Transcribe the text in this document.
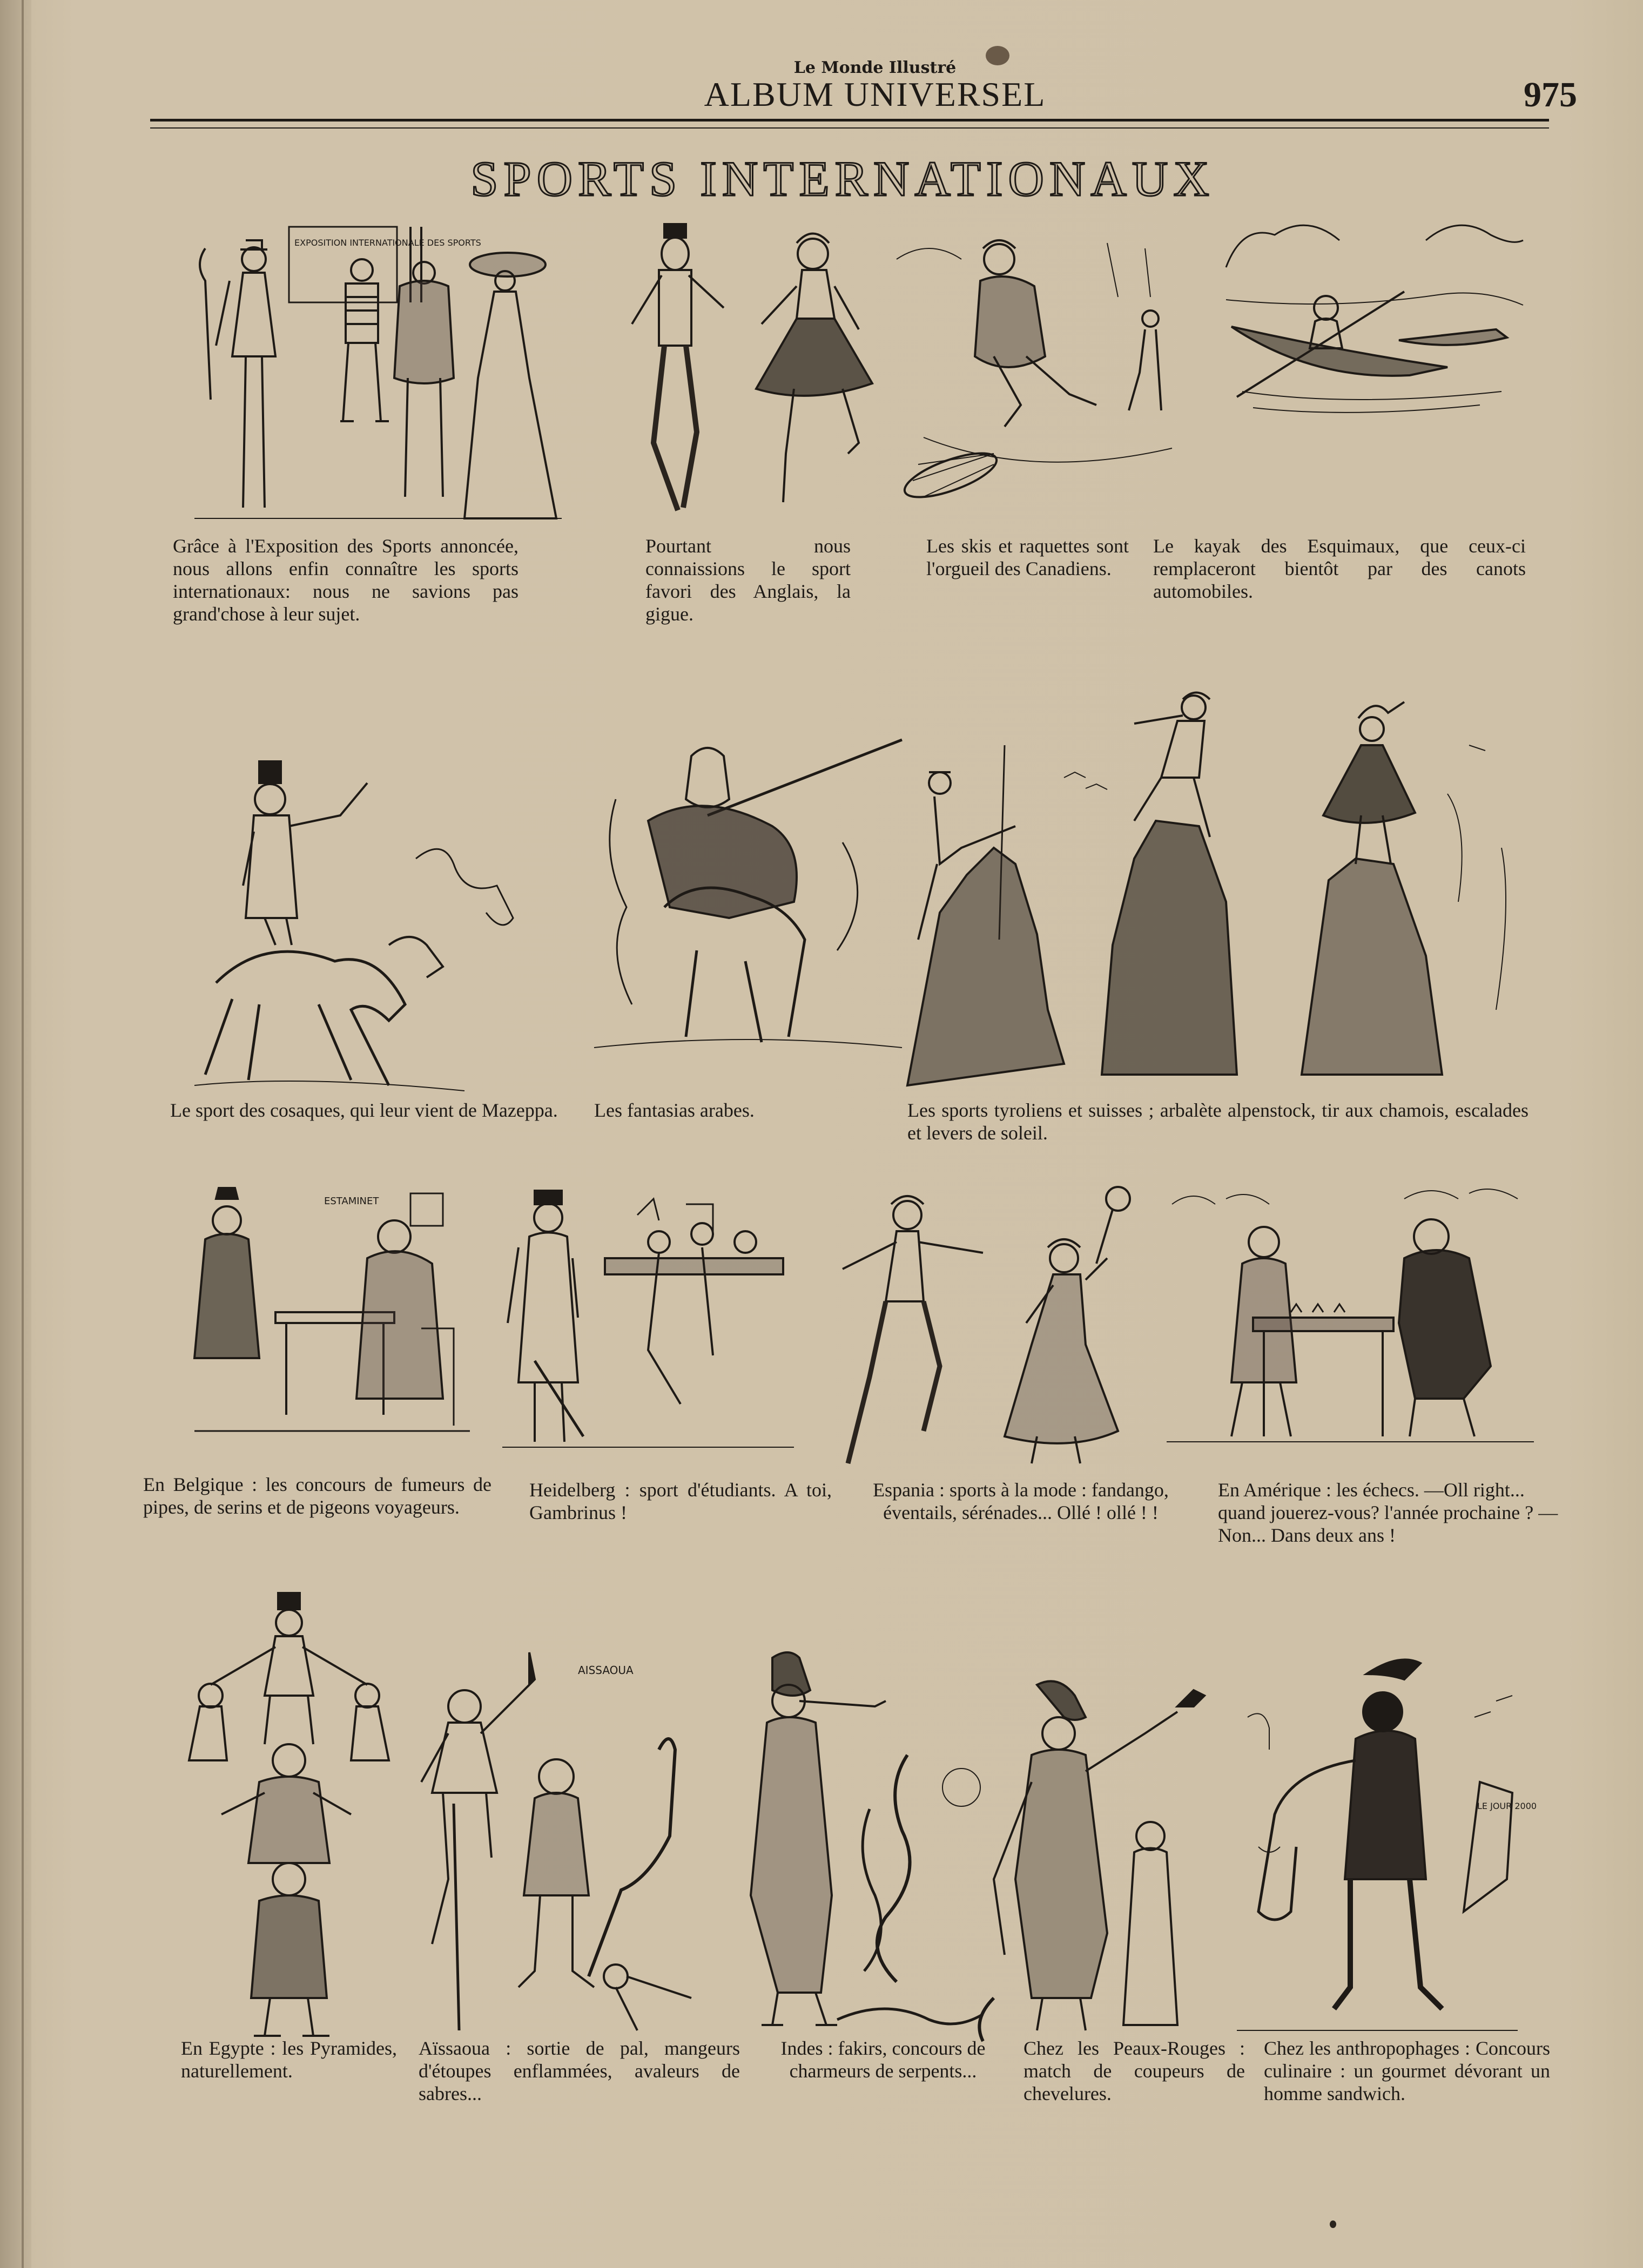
Le Monde Illustré
ALBUM UNIVERSEL	975
SPORTS INTERNATIONAUX
EXPOSITION INTERNATIONALE DES SPORTS
Grâce à l'Exposition des Sports annoncée, nous allons enfin connaître les sports internationaux: nous ne savions pas grand'chose à leur sujet.
Pourtant nous connaissions le sport favori des Anglais, la gigue.
Les skis et raquettes sont l'orgueil des Canadiens.
Le kayak des Esquimaux, que ceux-ci remplaceront bientôt par des canots automobiles.
Le sport des cosaques, qui leur vient de Mazeppa. Les fantasias arabes.	Les sports tyroliens et suisses ; arbalète alpenstock, tir aux chamois, escalades et levers de soleil.
ESTAMINET
En Belgique : les concours de fumeurs de pipes, de serins et de pigeons voyageurs.
Heidelberg : sport d'étudiants. A toi, Gambrinus !
Espania : sports à la mode : fandango, éventails, sérénades... Ollé ! ollé ! !
En Amérique : les échecs. —Oll right... quand jouerez-vous? l'année prochaine ? —Non... Dans deux ans !
AISSAOUA
LE JOUR 2000
En Egypte : les Pyramides, naturellement.
Aïssaoua : sortie de pal, mangeurs d'étoupes enflammées, avaleurs de sabres...
Indes : fakirs, concours de charmeurs de serpents...
Chez les Peaux-Rouges : match de coupeurs de chevelures.
Chez les anthropophages : Concours culinaire : un gourmet dévorant un homme sandwich.
